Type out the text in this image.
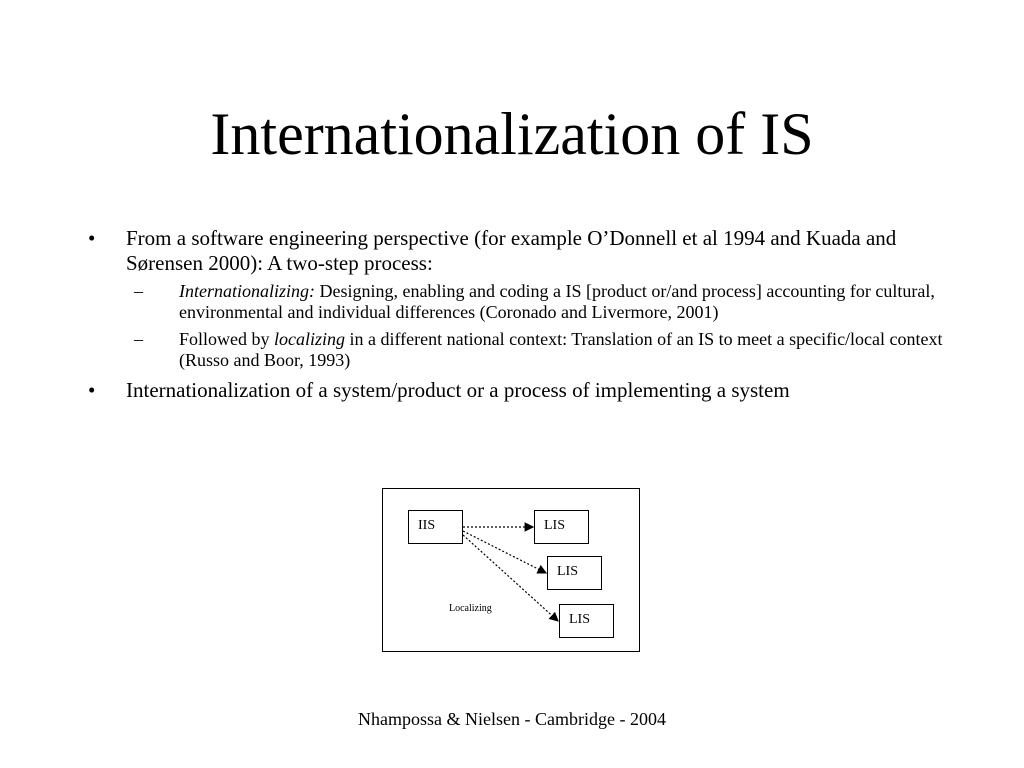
Internationalization of IS
•	From a software engineering perspective (for example O’Donnell et al 1994 and Kuada and Sørensen 2000): A two-step process:
– Internationalizing: Designing, enabling and coding a IS [product or/and process] accounting for cultural, environmental and individual differences (Coronado and Livermore, 2001)
– Followed by localizing in a different national context: Translation of an IS to meet a specific/local context (Russo and Boor, 1993)
•	Internationalization of a system/product or a process of implementing a system
IIS	LIS
LIS
LIS
Localizing
Nhampossa & Nielsen - Cambridge - 2004
